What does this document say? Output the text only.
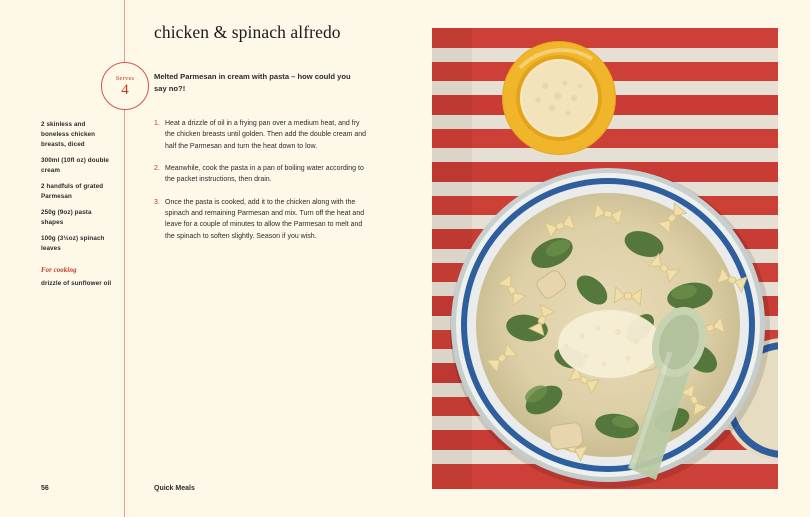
2 skinless and boneless chicken breasts, diced
300ml (10fl oz) double cream
2 handfuls of grated Parmesan
250g (9oz) pasta shapes
100g (3½oz) spinach leaves
For cooking
drizzle of sunflower oil
56	Quick Meals
Serves
4
chicken & spinach alfredo
Melted Parmesan in cream with pasta – how could you say no?!
1. Heat a drizzle of oil in a frying pan over a medium heat, and fry the chicken breasts until golden. Then add the double cream and half the Parmesan and turn the heat down to low.
2. Meanwhile, cook the pasta in a pan of boiling water according to the packet instructions, then drain.
3. Once the pasta is cooked, add it to the chicken along with the spinach and remaining Parmesan and mix. Turn off the heat and leave for a couple of minutes to allow the Parmesan to melt and the spinach to soften slightly. Season if you wish.
